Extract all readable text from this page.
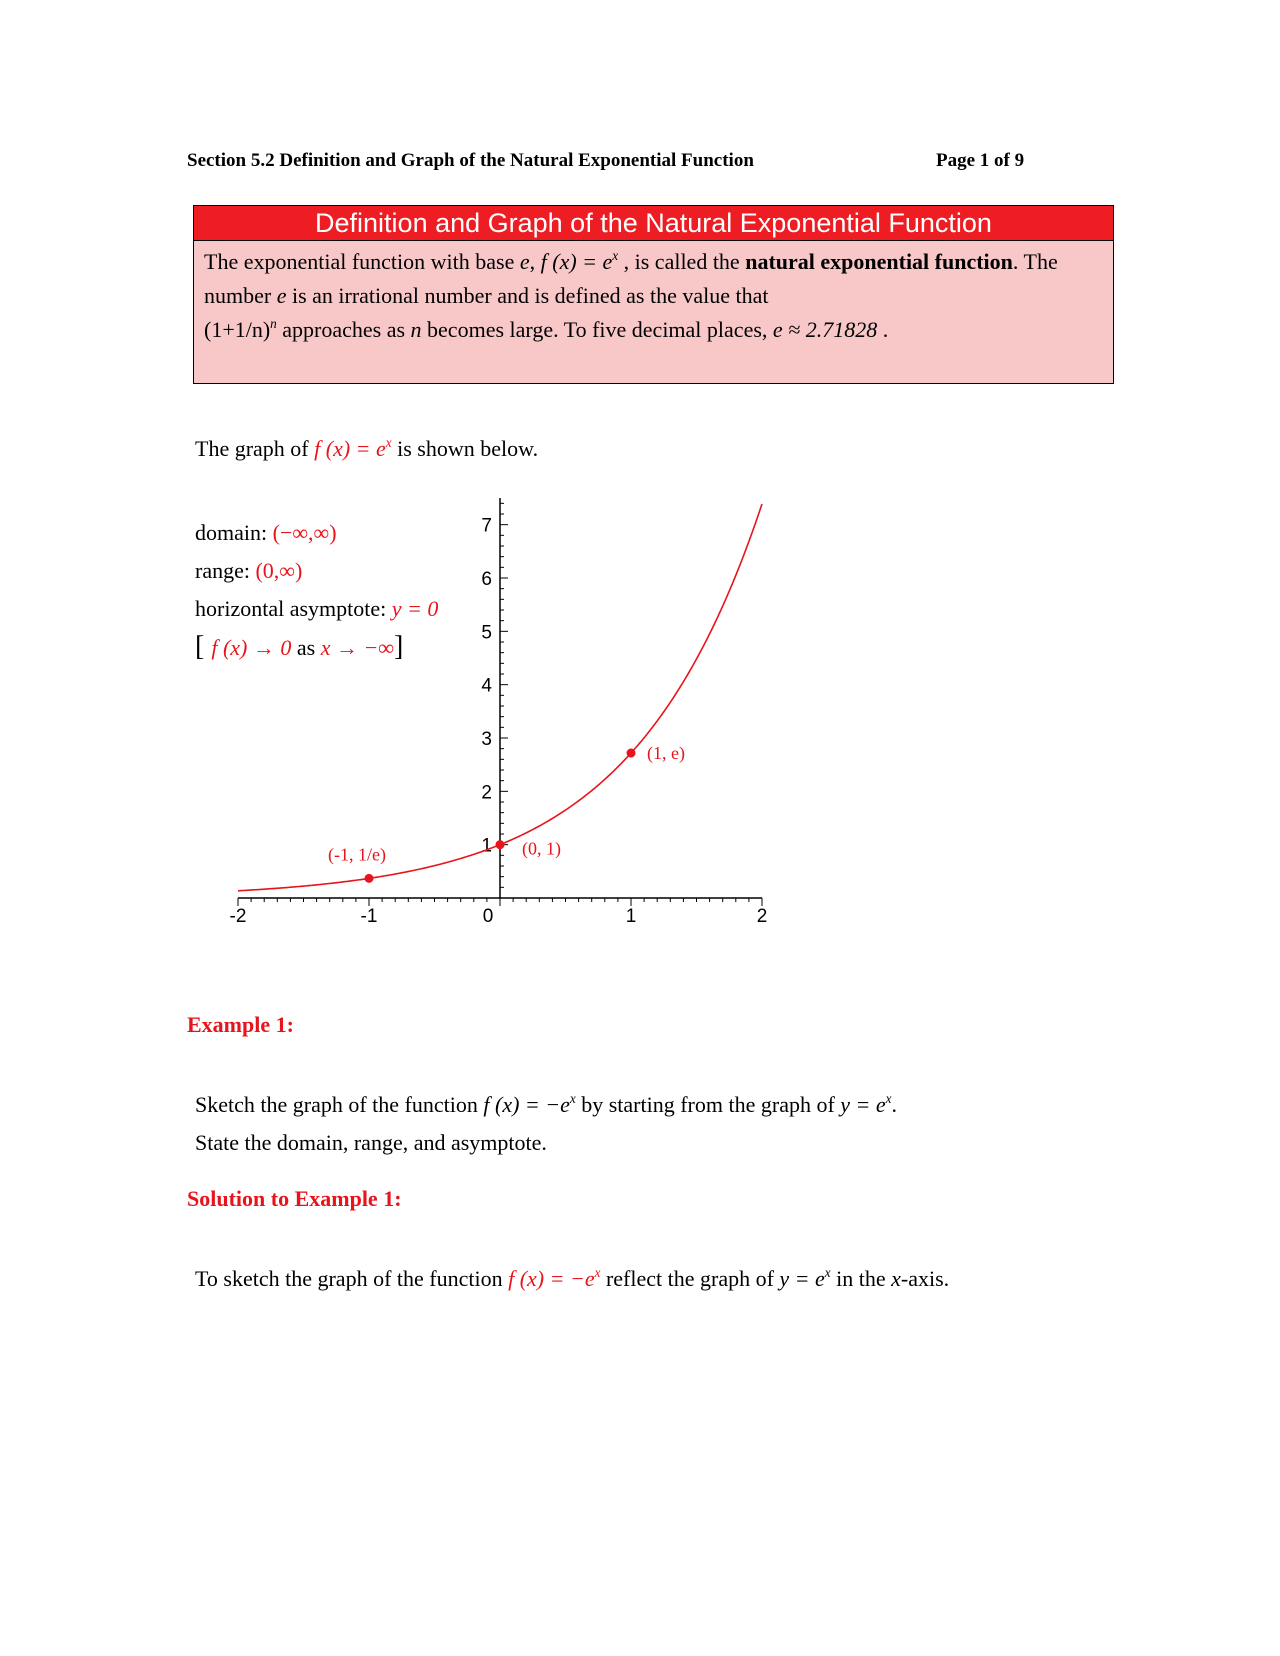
Section 5.2 Definition and Graph of the Natural Exponential Function	Page 1 of 9
Definition and Graph of the Natural Exponential Function
The exponential function with base e, f $(x) = e^x$ , is called the natural exponential function. The number e is an irrational number and is defined as the value that
$(1+1/n)^n$ approaches as n becomes large. To five decimal places, e ≈ 2.71828 .
The graph of f $(x) = e^x$ is shown below.
-2	-1	0	1	2
1
2
3
4
5
6
7
(-1, 1/e)	(0, 1)
(1, e)
domain: (−∞,∞)
range: (0,∞)
horizontal asymptote: y = 0
[ f (x) → 0 as x → −∞]
Example 1:
Sketch the graph of the function f $(x) = -e^x$ by starting from the graph of $y = e^x$.
State the domain, range, and asymptote.
Solution to Example 1:
To sketch the graph of the function f $(x) = -e^x$ reflect the graph of $y = e^x$ in the x-axis.
